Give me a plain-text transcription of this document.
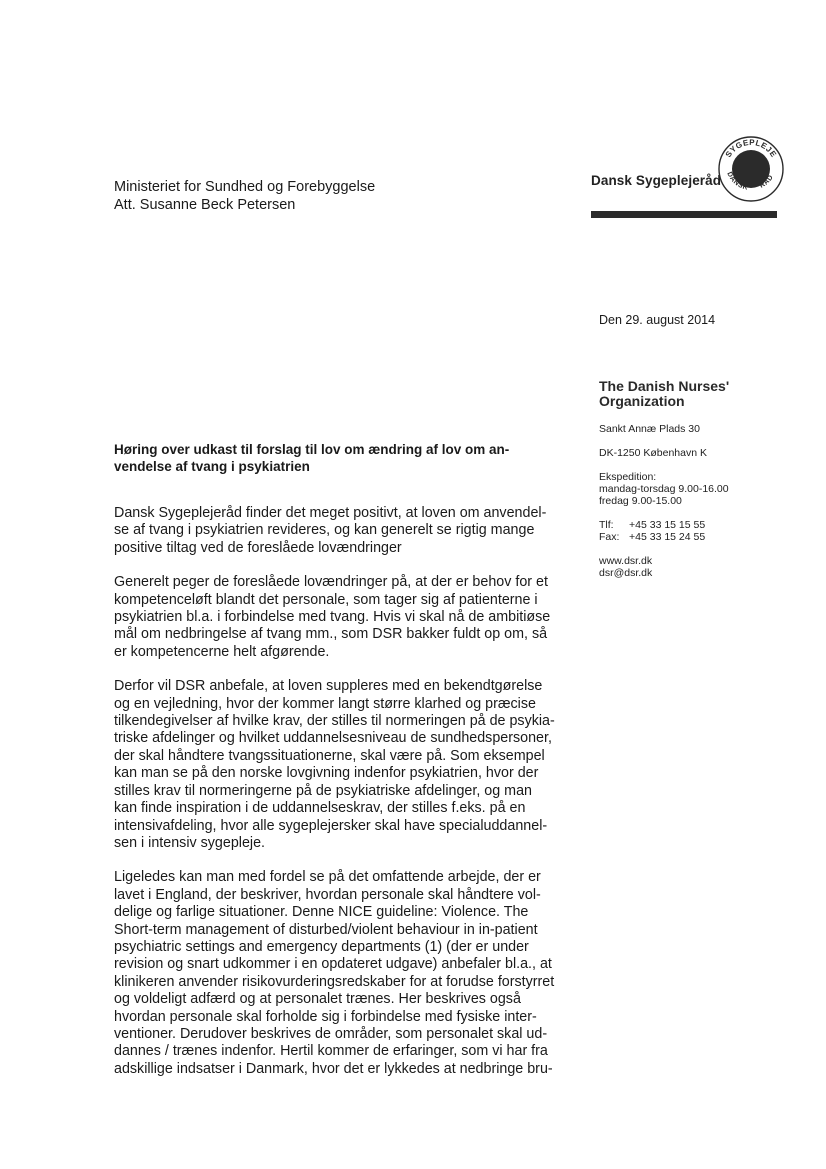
Ministeriet for Sundhed og Forebyggelse
Att. Susanne Beck Petersen
Dansk Sygeplejeråd
SYGEPLEJE
DANSK RÅD
Den 29. august 2014
The Danish Nurses'
Organization
Sankt Annæ Plads 30
DK-1250 København K
Ekspedition:
mandag-torsdag 9.00-16.00
fredag 9.00-15.00
Tlf: +45 33 15 15 55
Fax: +45 33 15 24 55
www.dsr.dk
dsr@dsr.dk
Høring over udkast til forslag til lov om ændring af lov om an-
vendelse af tvang i psykiatrien
Dansk Sygeplejeråd finder det meget positivt, at loven om anvendel-
se af tvang i psykiatrien revideres, og kan generelt se rigtig mange
positive tiltag ved de foreslåede lovændringer
Generelt peger de foreslåede lovændringer på, at der er behov for et
kompetenceløft blandt det personale, som tager sig af patienterne i
psykiatrien bl.a. i forbindelse med tvang. Hvis vi skal nå de ambitiøse
mål om nedbringelse af tvang mm., som DSR bakker fuldt op om, så
er kompetencerne helt afgørende.
Derfor vil DSR anbefale, at loven suppleres med en bekendtgørelse
og en vejledning, hvor der kommer langt større klarhed og præcise
tilkendegivelser af hvilke krav, der stilles til normeringen på de psykia-
triske afdelinger og hvilket uddannelsesniveau de sundhedspersoner,
der skal håndtere tvangssituationerne, skal være på. Som eksempel
kan man se på den norske lovgivning indenfor psykiatrien, hvor der
stilles krav til normeringerne på de psykiatriske afdelinger, og man
kan finde inspiration i de uddannelseskrav, der stilles f.eks. på en
intensivafdeling, hvor alle sygeplejersker skal have specialuddannel-
sen i intensiv sygepleje.
Ligeledes kan man med fordel se på det omfattende arbejde, der er
lavet i England, der beskriver, hvordan personale skal håndtere vol-
delige og farlige situationer. Denne NICE guideline: Violence. The
Short-term management of disturbed/violent behaviour in in-patient
psychiatric settings and emergency departments (1) (der er under
revision og snart udkommer i en opdateret udgave) anbefaler bl.a., at
klinikeren anvender risikovurderingsredskaber for at forudse forstyrret
og voldeligt adfærd og at personalet trænes. Her beskrives også
hvordan personale skal forholde sig i forbindelse med fysiske inter-
ventioner. Derudover beskrives de områder, som personalet skal ud-
dannes / trænes indenfor. Hertil kommer de erfaringer, som vi har fra
adskillige indsatser i Danmark, hvor det er lykkedes at nedbringe bru-
